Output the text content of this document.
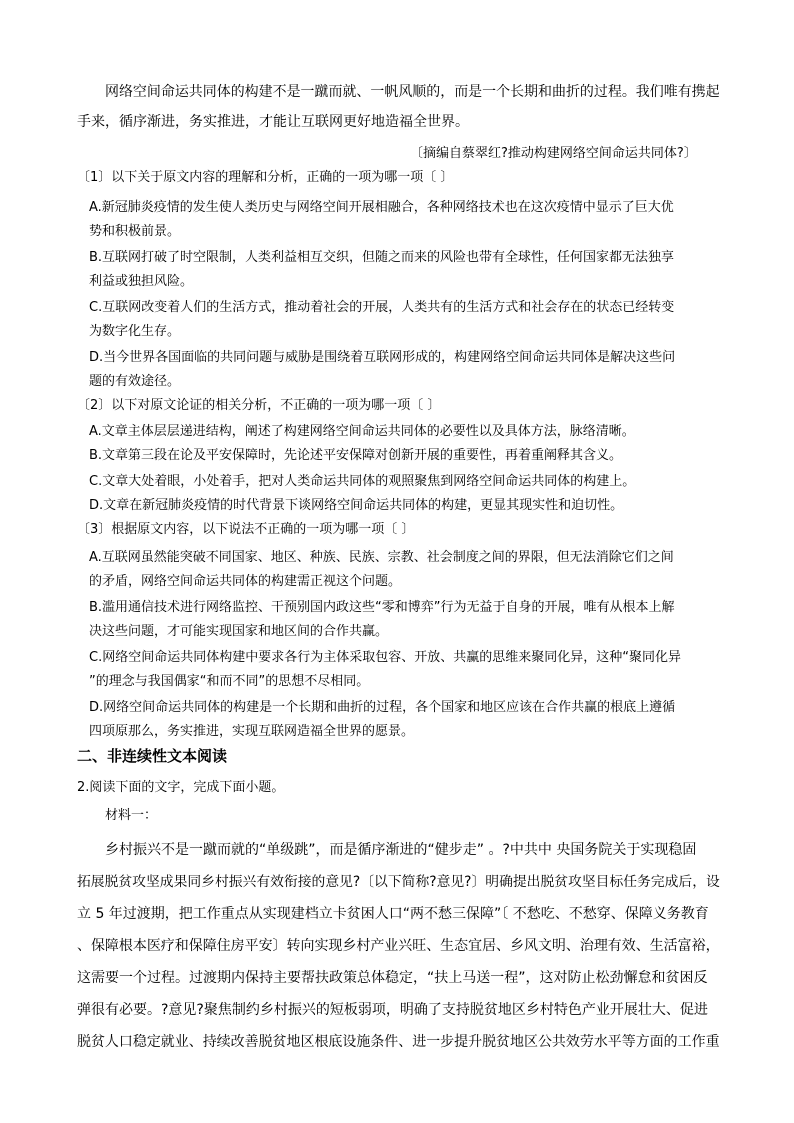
网络空间命运共同体的构建不是一蹴而就、一帆风顺的，而是一个长期和曲折的过程。我们唯有携起

手来，循序渐进，务实推进，才能让互联网更好地造福全世界。

〔摘编自蔡翠红?推动构建网络空间命运共同体?〕

〔1〕以下关于原文内容的理解和分析，正确的一项为哪一项〔 〕

A.新冠肺炎疫情的发生使人类历史与网络空间开展相融合，各种网络技术也在这次疫情中显示了巨大优

势和积极前景。

B.互联网打破了时空限制，人类利益相互交织，但随之而来的风险也带有全球性，任何国家都无法独享

利益或独担风险。

C.互联网改变着人们的生活方式，推动着社会的开展，人类共有的生活方式和社会存在的状态已经转变

为数字化生存。

D.当今世界各国面临的共同问题与威胁是围绕着互联网形成的，构建网络空间命运共同体是解决这些问

题的有效途径。

〔2〕以下对原文论证的相关分析，不正确的一项为哪一项〔 〕

A.文章主体层层递进结构，阐述了构建网络空间命运共同体的必要性以及具体方法，脉络清晰。

B.文章第三段在论及平安保障时，先论述平安保障对创新开展的重要性，再着重阐释其含义。

C.文章大处着眼，小处着手，把对人类命运共同体的观照聚焦到网络空间命运共同体的构建上。

D.文章在新冠肺炎疫情的时代背景下谈网络空间命运共同体的构建，更显其现实性和迫切性。

〔3〕根据原文内容，以下说法不正确的一项为哪一项〔 〕

A.互联网虽然能突破不同国家、地区、种族、民族、宗教、社会制度之间的界限，但无法消除它们之间

的矛盾，网络空间命运共同体的构建需正视这个问题。

B.滥用通信技术进行网络监控、干预别国内政这些“零和博弈”行为无益于自身的开展，唯有从根本上解

决这些问题，才可能实现国家和地区间的合作共赢。

C.网络空间命运共同体构建中要求各行为主体采取包容、开放、共赢的思维来聚同化异，这种“聚同化异

”的理念与我国偶家“和而不同”的思想不尽相同。

D.网络空间命运共同体的构建是一个长期和曲折的过程，各个国家和地区应该在合作共赢的根底上遵循

四项原那么，务实推进，实现互联网造福全世界的愿景。

二、非连续性文本阅读

2.阅读下面的文字，完成下面小题。

材料一：

乡村振兴不是一蹴而就的“单级跳”，而是循序渐进的“健步走” 。?中共中 央国务院关于实现稳固

拓展脱贫攻坚成果同乡村振兴有效衔接的意见?〔以下简称?意见?〕明确提出脱贫攻坚目标任务完成后，设

立 5 年过渡期，把工作重点从实现建档立卡贫困人口“两不愁三保障”〔 不愁吃、不愁穿、保障义务教育

、保障根本医疗和保障住房平安〕转向实现乡村产业兴旺、生态宜居、乡风文明、治理有效、生活富裕，

这需要一个过程。过渡期内保持主要帮扶政策总体稳定，“扶上马送一程”，这对防止松劲懈怠和贫困反

弹很有必要。?意见?聚焦制约乡村振兴的短板弱项，明确了支持脱贫地区乡村特色产业开展壮大、促进

脱贫人口稳定就业、持续改善脱贫地区根底设施条件、进一步提升脱贫地区公共效劳水平等方面的工作重
